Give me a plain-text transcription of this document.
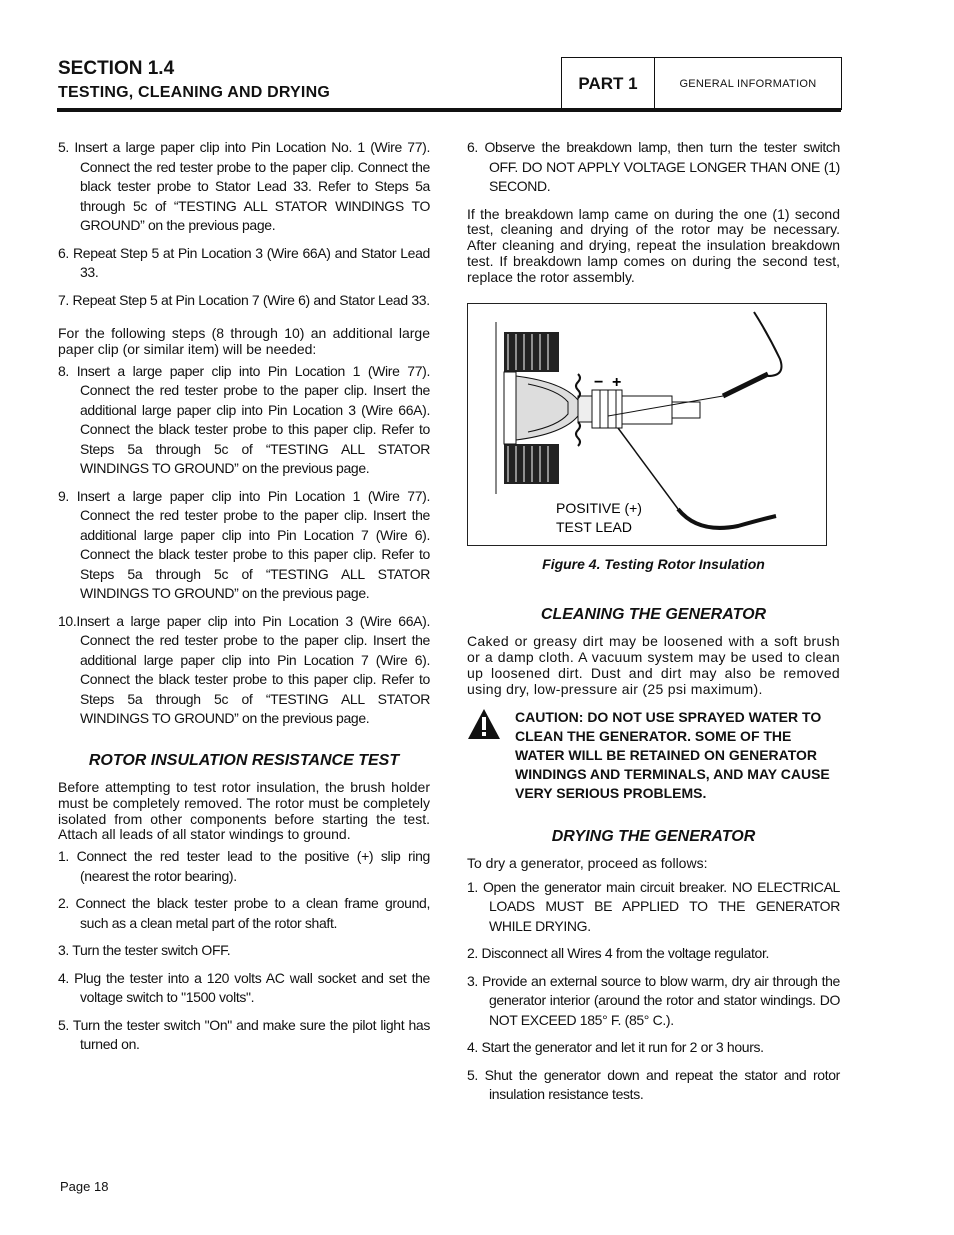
SECTION 1.4
TESTING, CLEANING AND DRYING	PART 1	GENERAL INFORMATION
5. Insert a large paper clip into Pin Location No. 1 (Wire 77). Connect the red tester probe to the paper clip. Connect the black tester probe to Stator Lead 33. Refer to Steps 5a through 5c of “TESTING ALL STATOR WINDINGS TO GROUND” on the previous page.
6. Repeat Step 5 at Pin Location 3 (Wire 66A) and Stator Lead 33.
7. Repeat Step 5 at Pin Location 7 (Wire 6) and Stator Lead 33.
For the following steps (8 through 10) an additional large paper clip (or similar item) will be needed:
8. Insert a large paper clip into Pin Location 1 (Wire 77). Connect the red tester probe to the paper clip. Insert the additional large paper clip into Pin Location 3 (Wire 66A). Connect the black tester probe to this paper clip. Refer to Steps 5a through 5c of “TESTING ALL STATOR WINDINGS TO GROUND” on the previous page.
9. Insert a large paper clip into Pin Location 1 (Wire 77). Connect the red tester probe to the paper clip. Insert the additional large paper clip into Pin Location 7 (Wire 6). Connect the black tester probe to this paper clip. Refer to Steps 5a through 5c of “TESTING ALL STATOR WINDINGS TO GROUND” on the previous page.
10.Insert a large paper clip into Pin Location 3 (Wire 66A). Connect the red tester probe to the paper clip. Insert the additional large paper clip into Pin Location 7 (Wire 6). Connect the black tester probe to this paper clip. Refer to Steps 5a through 5c of “TESTING ALL STATOR WINDINGS TO GROUND” on the previous page.
ROTOR INSULATION RESISTANCE TEST
Before attempting to test rotor insulation, the brush holder must be completely removed. The rotor must be completely isolated from other components before starting the test. Attach all leads of all stator windings to ground.
1. Connect the red tester lead to the positive (+) slip ring (nearest the rotor bearing).
2. Connect the black tester probe to a clean frame ground, such as a clean metal part of the rotor shaft.
3. Turn the tester switch OFF.
4. Plug the tester into a 120 volts AC wall socket and set the voltage switch to "1500 volts".
5. Turn the tester switch "On" and make sure the pilot light has turned on.
6. Observe the breakdown lamp, then turn the tester switch OFF. DO NOT APPLY VOLTAGE LONGER THAN ONE (1) SECOND.
If the breakdown lamp came on during the one (1) second test, cleaning and drying of the rotor may be necessary. After cleaning and drying, repeat the insulation breakdown test. If breakdown lamp comes on during the second test, replace the rotor assembly.
− +
POSITIVE (+)
TEST LEAD
Figure 4. Testing Rotor Insulation
CLEANING THE GENERATOR
Caked or greasy dirt may be loosened with a soft brush or a damp cloth. A vacuum system may be used to clean up loosened dirt. Dust and dirt may also be removed using dry, low-pressure air (25 psi maximum).
CAUTION: DO NOT USE SPRAYED WATER TO CLEAN THE GENERATOR. SOME OF THE WATER WILL BE RETAINED ON GENERATOR WINDINGS AND TERMINALS, AND MAY CAUSE VERY SERIOUS PROBLEMS.
DRYING THE GENERATOR
To dry a generator, proceed as follows:
1. Open the generator main circuit breaker. NO ELECTRICAL LOADS MUST BE APPLIED TO THE GENERATOR WHILE DRYING.
2. Disconnect all Wires 4 from the voltage regulator.
3. Provide an external source to blow warm, dry air through the generator interior (around the rotor and stator windings. DO NOT EXCEED 185° F. (85° C.).
4. Start the generator and let it run for 2 or 3 hours.
5. Shut the generator down and repeat the stator and rotor insulation resistance tests.
Page 18
